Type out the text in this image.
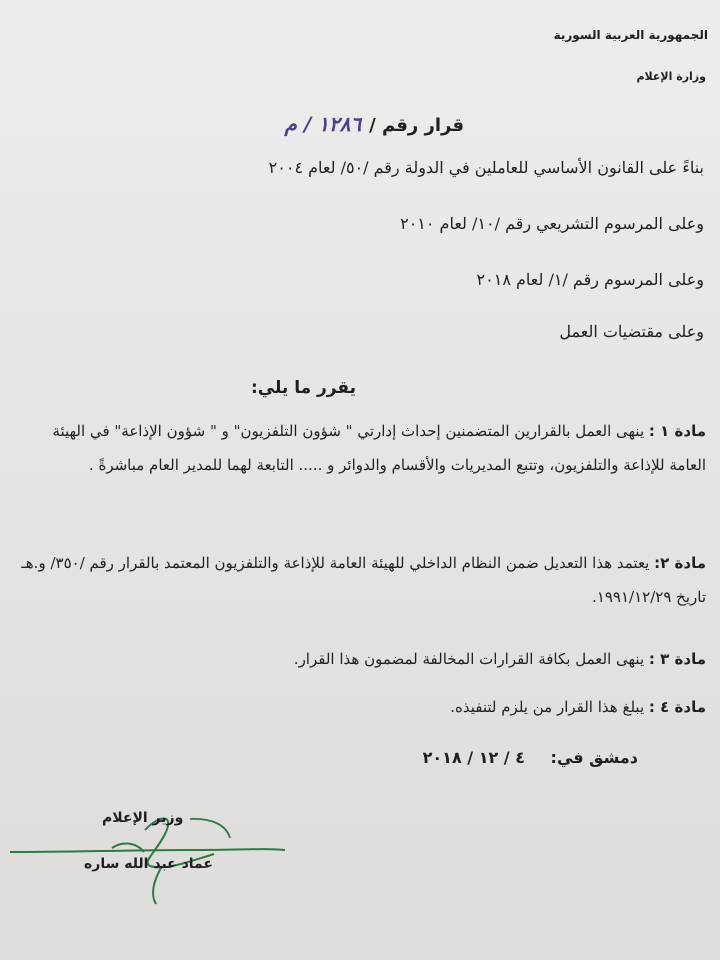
الجمهورية العربية السورية
وزارة الإعلام
قرار رقم /
١٢٨٦ / م
بناءً على القانون الأساسي للعاملين في الدولة رقم /٥٠/ لعام ٢٠٠٤
وعلى المرسوم التشريعي رقم /١٠/ لعام ٢٠١٠
وعلى المرسوم رقم /١/ لعام ٢٠١٨
وعلى مقتضيات العمل
يقرر ما يلي:
مادة ١ : ينهى العمل بالقرارين المتضمنين إحداث إدارتي " شؤون التلفزيون" و " شؤون الإذاعة" في الهيئة العامة للإذاعة والتلفزيون، وتتبع المديريات والأقسام والدوائر و ..... التابعة لهما للمدير العام مباشرةً .
مادة ٢: يعتمد هذا التعديل ضمن النظام الداخلي للهيئة العامة للإذاعة والتلفزيون المعتمد بالقرار رقم /٣٥٠/ و.هـ تاريخ ١٩٩١/١٢/٢٩.
مادة ٣ : ينهى العمل بكافة القرارات المخالفة لمضمون هذا القرار.
مادة ٤ : يبلغ هذا القرار من يلزم لتنفيذه.
دمشق في: ٤ / ١٢ / ٢٠١٨
وزير الإعلام
عماد عبد الله ساره
